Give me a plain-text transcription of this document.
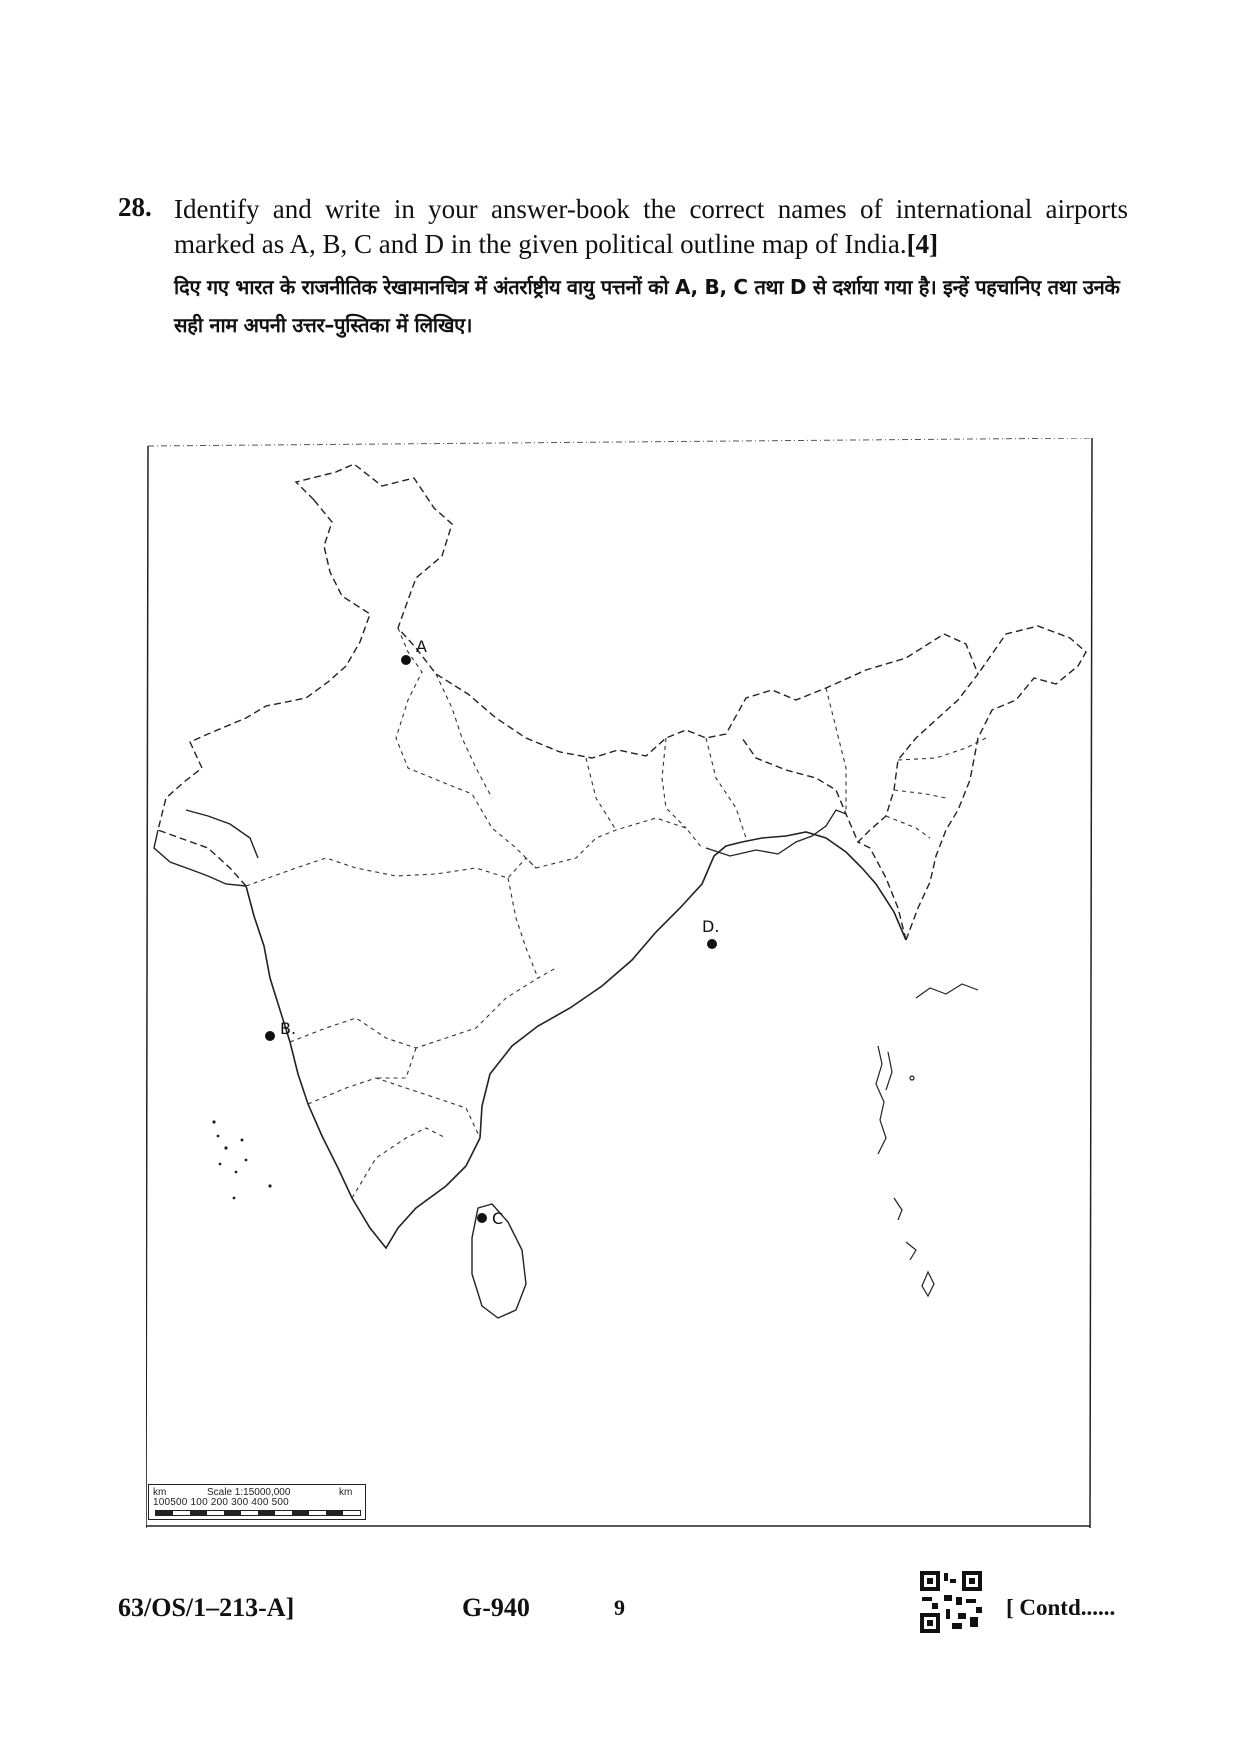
28. Identify and write in your answer-book the correct names of international airports marked as A, B, C and D in the given political outline map of India.[4]
दिए गए भारत के राजनीतिक रेखामानचित्र में अंतर्राष्ट्रीय वायु पत्तनों को A, B, C तथा D से दर्शाया गया है। इन्हें पहचानिए तथा उनके सही नाम अपनी उत्तर–पुस्तिका में लिखिए।
A
B.
C
D.
km	Scale 1:15000,000	km
100500 100 200 300 400 500
63/OS/1–213-A]	G-940	9	[ Contd......
